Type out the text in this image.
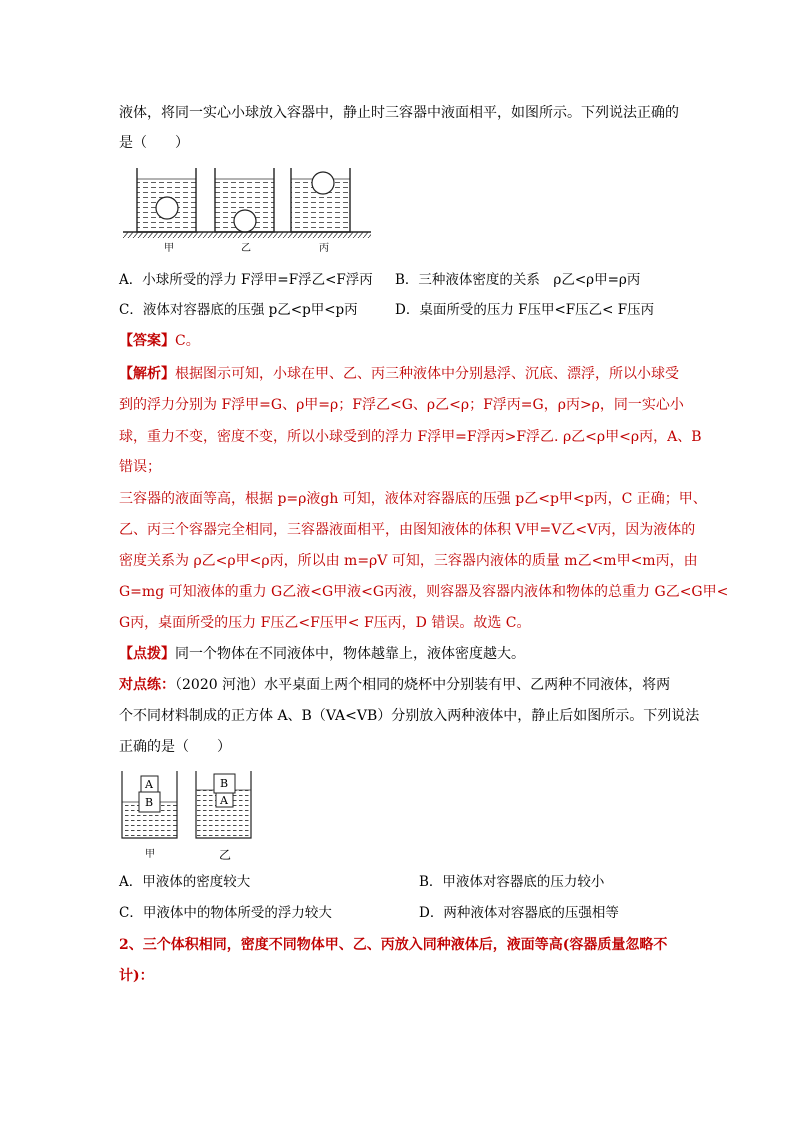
液体，将同一实心小球放入容器中，静止时三容器中液面相平，如图所示。下列说法正确的
是（　　）
甲	乙	丙
A．小球所受的浮力 F浮甲=F浮乙<F浮丙 B．三种液体密度的关系　ρ乙<ρ甲=ρ丙
C．液体对容器底的压强 p乙<p甲<p丙	D．桌面所受的压力 F压甲<F压乙< F压丙
【答案】C。
【解析】根据图示可知，小球在甲、乙、丙三种液体中分别悬浮、沉底、漂浮，所以小球受
到的浮力分别为 F浮甲=G、ρ甲=ρ；F浮乙<G、ρ乙<ρ；F浮丙=G，ρ丙>ρ，同一实心小
球，重力不变，密度不变，所以小球受到的浮力 F浮甲=F浮丙>F浮乙. ρ乙<ρ甲<ρ丙，A、B
错误；
三容器的液面等高，根据 p=ρ液gh 可知，液体对容器底的压强 p乙<p甲<p丙，C 正确；甲、
乙、丙三个容器完全相同，三容器液面相平，由图知液体的体积 V甲=V乙<V丙，因为液体的
密度关系为 ρ乙<ρ甲<ρ丙，所以由 m=ρV 可知，三容器内液体的质量 m乙<m甲<m丙，由
G=mg 可知液体的重力 G乙液<G甲液<G丙液，则容器及容器内液体和物体的总重力 G乙<G甲<
G丙，桌面所受的压力 F压乙<F压甲< F压丙，D 错误。故选 C。
【点拨】同一个物体在不同液体中，物体越靠上，液体密度越大。
对点练：（2020 河池）水平桌面上两个相同的烧杯中分别装有甲、乙两种不同液体，将两
个不同材料制成的正方体 A、B（VA<VB）分别放入两种液体中，静止后如图所示。下列说法
正确的是（　　）
A
B
B
A
甲	乙
A．甲液体的密度较大	B．甲液体对容器底的压力较小
C．甲液体中的物体所受的浮力较大	D．两种液体对容器底的压强相等
2、三个体积相同，密度不同物体甲、乙、丙放入同种液体后，液面等高(容器质量忽略不
计)：
